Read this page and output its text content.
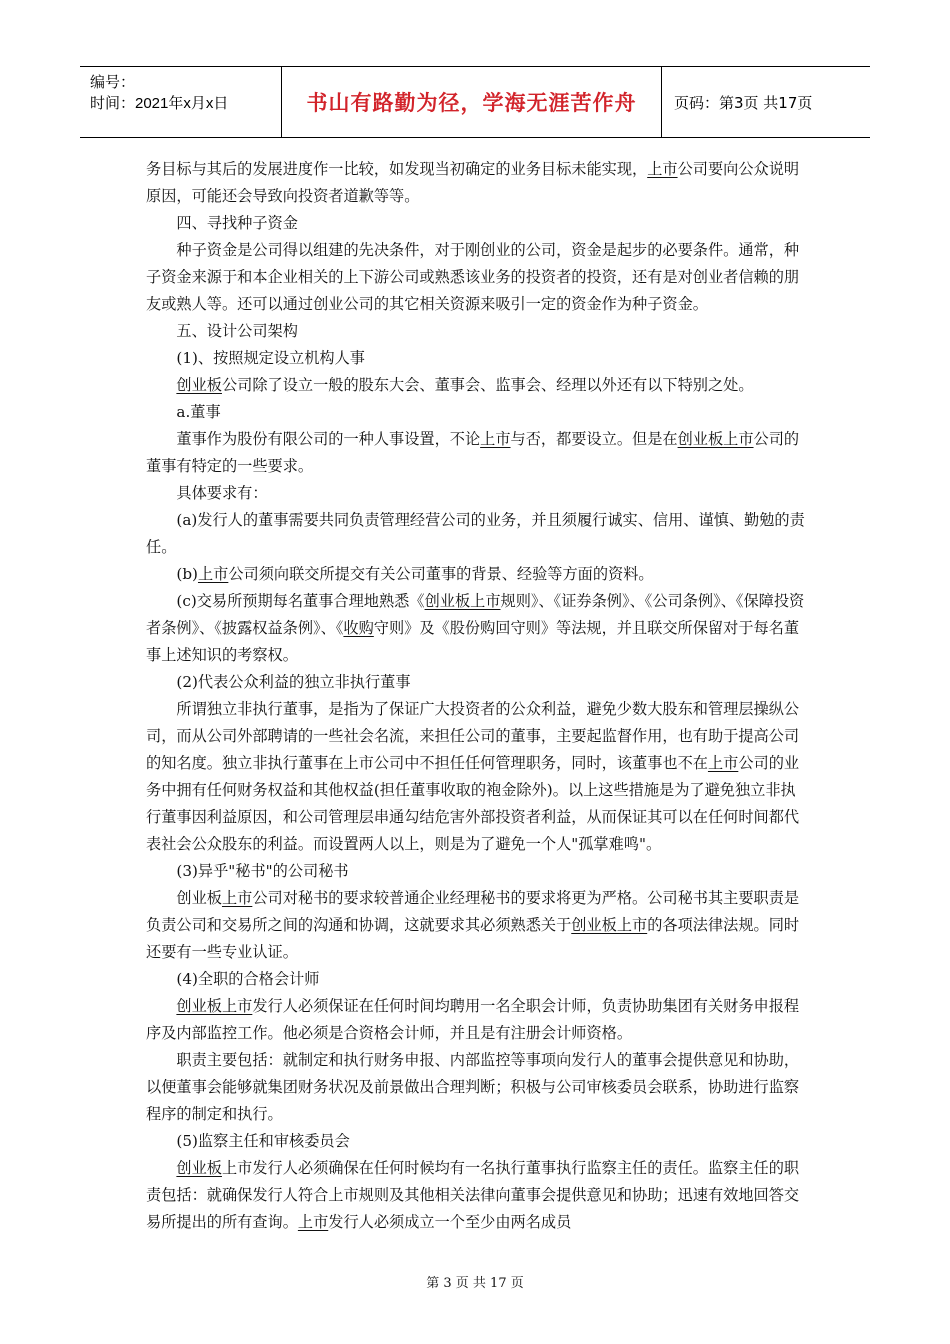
编号：
时间：2021年x月x日	书山有路勤为径，学海无涯苦作舟	页码：第3页 共17页

务目标与其后的发展进度作一比较，如发现当初确定的业务目标未能实现，上市公司要向公众说明原因，可能还会导致向投资者道歉等等。

四、寻找种子资金

种子资金是公司得以组建的先决条件，对于刚创业的公司，资金是起步的必要条件。通常，种子资金来源于和本企业相关的上下游公司或熟悉该业务的投资者的投资，还有是对创业者信赖的朋友或熟人等。还可以通过创业公司的其它相关资源来吸引一定的资金作为种子资金。

五、设计公司架构

(1)、按照规定设立机构人事

创业板公司除了设立一般的股东大会、董事会、监事会、经理以外还有以下特别之处。

a.董事

董事作为股份有限公司的一种人事设置，不论上市与否，都要设立。但是在创业板上市公司的董事有特定的一些要求。

具体要求有：

(a)发行人的董事需要共同负责管理经营公司的业务，并且须履行诚实、信用、谨慎、勤勉的责任。

(b)上市公司须向联交所提交有关公司董事的背景、经验等方面的资料。

(c)交易所预期每名董事合理地熟悉《创业板上市规则》、《证券条例》、《公司条例》、《保障投资者条例》、《披露权益条例》、《收购守则》及《股份购回守则》等法规，并且联交所保留对于每名董事上述知识的考察权。

(2)代表公众利益的独立非执行董事

所谓独立非执行董事，是指为了保证广大投资者的公众利益，避免少数大股东和管理层操纵公司，而从公司外部聘请的一些社会名流，来担任公司的董事，主要起监督作用，也有助于提高公司的知名度。独立非执行董事在上市公司中不担任任何管理职务，同时，该董事也不在上市公司的业务中拥有任何财务权益和其他权益(担任董事收取的袍金除外)。以上这些措施是为了避免独立非执行董事因利益原因，和公司管理层串通勾结危害外部投资者利益，从而保证其可以在任何时间都代表社会公众股东的利益。而设置两人以上，则是为了避免一个人"孤掌难鸣"。

(3)异乎"秘书"的公司秘书

创业板上市公司对秘书的要求较普通企业经理秘书的要求将更为严格。公司秘书其主要职责是负责公司和交易所之间的沟通和协调，这就要求其必须熟悉关于创业板上市的各项法律法规。同时还要有一些专业认证。

(4)全职的合格会计师

创业板上市发行人必须保证在任何时间均聘用一名全职会计师，负责协助集团有关财务申报程序及内部监控工作。他必须是合资格会计师，并且是有注册会计师资格。

职责主要包括：就制定和执行财务申报、内部监控等事项向发行人的董事会提供意见和协助，以便董事会能够就集团财务状况及前景做出合理判断；积极与公司审核委员会联系，协助进行监察程序的制定和执行。

(5)监察主任和审核委员会

创业板上市发行人必须确保在任何时候均有一名执行董事执行监察主任的责任。监察主任的职责包括：就确保发行人符合上市规则及其他相关法律向董事会提供意见和协助；迅速有效地回答交易所提出的所有查询。上市发行人必须成立一个至少由两名成员

第 3 页 共 17 页
